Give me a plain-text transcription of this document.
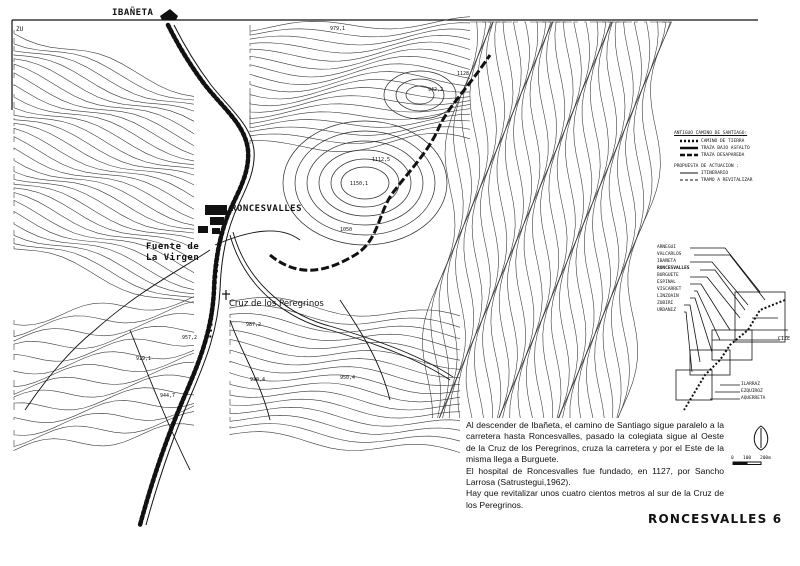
IBAÑETA
ZU
RONCESVALLES
Fuente de
La Virgen
Cruz de los Peregrinos
1128
942,2
1112,5
1150,1
1050
987,2
957,2
950,4
930,4
979,1
944,7
919,1
ANTIGUO CAMINO DE SANTIAGO:
CAMINO DE TIERRA
TRAZA BAJO ASFALTO
TRAZA DESAPAREDA
PROPUESTA DE ACTUACION :
ITINERARIO
TRAMO A REVITALIZAR
ARNEGUI
VALCARLOS
IBAÑETA
RONCESVALLES
BURGUETE
ESPINAL
VISCARRET
LINZOAIN
ZUBIRI
URDANIZ
ILARRAZ
EZQUIROZ
AQUERRETA
CIZE
0 100 200m

Al descender de Ibañeta, el camino de Santiago sigue paralelo a la carretera hasta Roncesvalles, pasado la colegiata sigue al Oeste de la Cruz de los Peregrinos, cruza la carretera y por el Este de la misma llega a Burguete.

El hospital de Roncesvalles fue fundado, en 1127, por Sancho Larrosa (Satrustegui,1962).

Hay que revitalizar unos cuatro cientos metros al sur de la Cruz de los Peregrinos.

RONCESVALLES 6
